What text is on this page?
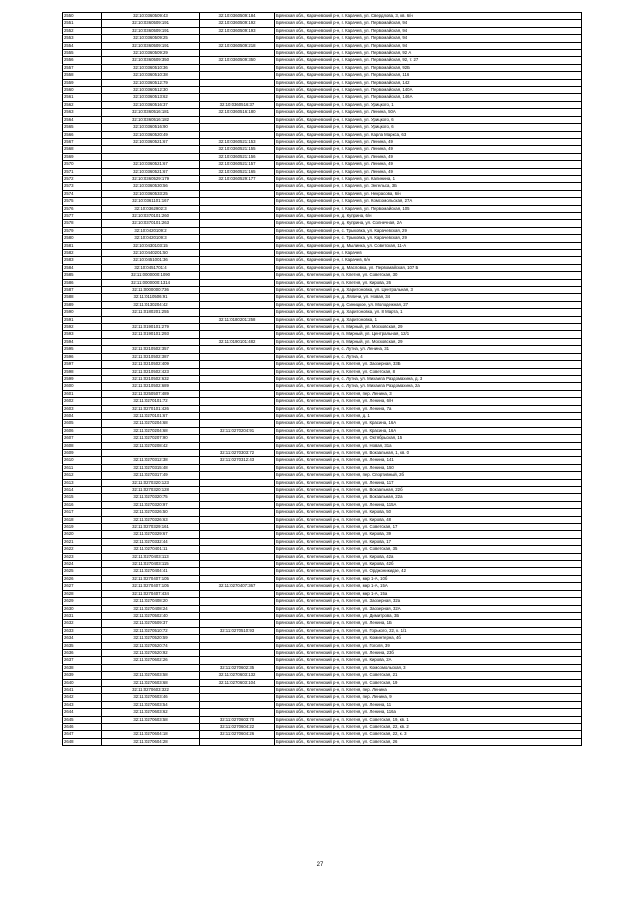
2550	32:10:0360509:43	32:10:0360509:184	Брянская обл., Карачевский р-н, г. Карачев, ул. Свердлова, 3, кв. 6/н
2551	32:10:0360509:191	32:10:0360509:192	Брянская обл., Карачевский р-н, г. Карачев, ул. Первомайская, 94
2552	32:10:0360509:191	32:10:0360509:193	Брянская обл., Карачевский р-н, г. Карачев, ул. Первомайская, 94
2553	32:10:0360509:25		Брянская обл., Карачевский р-н, г. Карачев, ул. Первомайская, 94
2554	32:10:0360509:191	32:10:0360509:218	Брянская обл., Карачевский р-н, г. Карачев, ул. Первомайская, 94
2555	32:10:0360509:29		Брянская обл., Карачевский р-н, г. Карачев, ул. Первомайская, 92 А
2556	32:10:0360509:350	32:10:0360509:350	Брянская обл., Карачевский р-н, г. Карачев, ул. Первомайская, 92, т. 27
2557	32:10:0360510:36		Брянская обл., Карачевский р-н, г. Карачев, ул. Первомайская, 92Б
2558	32:10:0360510:38		Брянская обл., Карачевский р-н, г. Карачев, ул. Первомайская, 116
2559	32:10:0360512:79		Брянская обл., Карачевский р-н, г. Карачев, ул. Первомайская, 142
2560	32:10:0360512:30		Брянская обл., Карачевский р-н, г. Карачев, ул. Первомайская, 140А
2561	32:10:0360513:62		Брянская обл., Карачевский р-н, г. Карачев, ул. Первомайская, 146А
2562	32:10:0360516:37	32:10:0360516:37	Брянская обл., Карачевский р-н, г. Карачев, ул. Урицкого, 1
2563	32:10:0360516:181	32:10:0360516:180	Брянская обл., Карачевский р-н, г. Карачев, ул. Ленина, 50А
2564	32:10:0360516:182		Брянская обл., Карачевский р-н, г. Карачев, ул. Урицкого, 6
2565	32:10:0360516:90		Брянская обл., Карачевский р-н, г. Карачев, ул. Урицкого, 6
2566	32:10:0360520:49		Брянская обл., Карачевский р-н, г. Карачев, ул. Карла Маркса, 63
2567	32:10:0360521:67	32:10:0360521:153	Брянская обл., Карачевский р-н, г. Карачев, ул. Ленина, 49
2568		32:10:0360521:155	Брянская обл., Карачевский р-н, г. Карачев, ул. Ленина, 49
2569		32:10:0360521:156	Брянская обл., Карачевский р-н, г. Карачев, ул. Ленина, 49
2570	32:10:0360521:67	32:10:0360521:157	Брянская обл., Карачевский р-н, г. Карачев, ул. Ленина, 49
2571	32:10:0360521:67	32:10:0360521:165	Брянская обл., Карачевский р-н, г. Карачев, ул. Ленина, 49
2572	32:10:0360529:179	32:10:0360529:177	Брянская обл., Карачевский р-н, г. Карачев, ул. Калинина, 1
2573	32:10:0360530:56		Брянская обл., Карачевский р-н, г. Карачев, ул. Энгельса, 3Б
2574	32:10:0360533:25		Брянская обл., Карачевский р-н, г. Карачев, ул. Некрасова, 6/н
2575	32:10:0361101:167		Брянская обл., Карачевский р-н, г. Карачев, ул. Комсомольская, 27А
2576	32:10:0362902:3		Брянская обл., Карачевский р-н, г. Карачев, ул. Первомайская, 105
2577	32:10:0370101:260		Брянская обл., Карачевский р-н, д. Куприна, 6/н
2578	32:10:0370101:263		Брянская обл., Карачевский р-н, д. Куприна, ул. Солнечная, 2А
2579	32:10:0420109:2		Брянская обл., Карачевский р-н, с. Трыковка, ул. Карачевская, 29
2580	32:10:0420109:3		Брянская обл., Карачевский р-н, с. Трыковка, ул. Карачевская, 29
2581	32:10:0430103:15		Брянская обл., Карачевский р-н, д. Мылинка, ул. Советская, 11-А
2582	32:10:0440201:50		Брянская обл., Карачевский р-н, г. Карачев
2583	32:10:0451001:36		Брянская обл., Карачевский р-н, г. Карачев, 6/н
2584	32:10:0451701:4		Брянская обл., Карачевский р-н, д. Масловка, ул. Первомайская, 107 Б
2585	32:11:0000000:1090		Брянская обл., Клетнянский р-н, п. Клетня, ул. Советская, 30
2586	32:11:0000000:1314		Брянская обл., Клетнянский р-н, п. Клетня, ул. Кирова, 26
2587	32:11:0000000:736		Брянская обл., Клетнянский р-н, д. Харитоновка, ул. Центральная, 3
2588	32:11:0110506:91		Брянская обл., Клетнянский р-н, д. Ляличи, ул. Новая, 34
2589	32:11:0130204:42		Брянская обл., Клетнянский р-н, д. Синицкое, ул. Молодежная, 27
2590	32:11:0180201:255		Брянская обл., Клетнянский р-н, д. Харитоновка, ул. 8 Марта, 1
2591		32:11:0180201:258	Брянская обл., Клетнянский р-н, д. Харитоновка, 1
2592	32:11:0190101:279		Брянская обл., Клетнянский р-н, п. Мирный, ул. Московская, 29
2593	32:11:0190101:293		Брянская обл., Клетнянский р-н, п. Мирный, ул. Центральная, 12/1
2594		32:11:0190101:482	Брянская обл., Клетнянский р-н, п. Мирный, ул. Московская, 29
2595	32:11:0210502:357		Брянская обл., Клетнянский р-н, с. Лутна, ул. Ленина, 31
2596	32:11:0210502:387		Брянская обл., Клетнянский р-н, с. Лутна, 4
2597	32:11:0210502:409		Брянская обл., Клетнянский р-н, п. Клетня, ул. Заозерная, 33Б
2598	32:11:0210502:423		Брянская обл., Клетнянский р-н, п. Клетня, ул. Советская, 8
2599	32:11:0210502:632		Брянская обл., Клетнянский р-н, с. Лутна, ул. Михаила Раздомахина, д. 3
2600	32:11:0210502:689		Брянская обл., Клетнянский р-н, с. Лутна, ул. Михаила Раздомахина, 2а
2601	32:11:0250507:489		Брянская обл., Клетнянский р-н, п. Клетня, пер. Ленина, 3
2602	32:11:0270101:72		Брянская обл., Клетнянский р-н, п. Клетня, ул. Ленина, 6/Н
2603	32:11:0270101:426		Брянская обл., Клетнянский р-н, п. Клетня, ул. Ленина, 7а
2604	32:11:0270101:67		Брянская обл., Клетнянский р-н, п. Клетня, д. 1
2605	32:11:0270204:68		Брянская обл., Клетнянский р-н, п. Клетня, ул. Красина, 16А
2606	32:11:0270204:68	32:11:0270204:91	Брянская обл., Клетнянский р-н, п. Клетня, ул. Красина, 16А
2607	32:11:0270207:90		Брянская обл., Клетнянский р-н, п. Клетня, ул. Октябрьская, 15
2608	32:11:0270208:42		Брянская обл., Клетнянский р-н, п. Клетня, ул. Новая, 31а
2609		32:11:0270303:72	Брянская обл., Клетнянский р-н, п. Клетня, ул. Вокзальная, 1, кв. 0
2610	32:11:0270312:38	32:11:0270312:43	Брянская обл., Клетнянский р-н, п. Клетня, ул. Ленина, 141
2611	32:11:0270315:48		Брянская обл., Клетнянский р-н, п. Клетня, ул. Ленина, 150
2612	32:11:0270317:49		Брянская обл., Клетнянский р-н, п. Клетня, пер. Спортивный, 2б
2613	32:11:0270320:123		Брянская обл., Клетнянский р-н, п. Клетня, ул. Ленина, 117
2614	32:11:0270320:128		Брянская обл., Клетнянский р-н, п. Клетня, ул. Вокзальная, 22б
2615	32:11:0270320:75		Брянская обл., Клетнянский р-н, п. Клетня, ул. Вокзальная, 22а
2616	32:11:0270320:97		Брянская обл., Клетнянский р-н, п. Клетня, ул. Ленина, 115А
2617	32:11:0270326:50		Брянская обл., Клетнянский р-н, п. Клетня, ул. Кирова, 50
2618	32:11:0270326:63		Брянская обл., Клетнянский р-н, п. Клетня, ул. Кирова, 48
2619	32:11:0270329:161		Брянская обл., Клетнянский р-н, п. Клетня, ул. Советская, 17
2620	32:11:0270329:67		Брянская обл., Клетнянский р-н, п. Клетня, ул. Кирова, 39
2621	32:11:0270332:44		Брянская обл., Клетнянский р-н, п. Клетня, ул. Кирова, 17
2622	32:11:0270401:11		Брянская обл., Клетнянский р-н, п. Клетня, ул. Советская, 35
2623	32:11:0270403:113		Брянская обл., Клетнянский р-н, п. Клетня, ул. Кирова, 42а
2624	32:11:0270403:115		Брянская обл., Клетнянский р-н, п. Клетня, ул. Кирова, 42б
2625	32:11:0270404:41		Брянская обл., Клетнянский р-н, п. Клетня, ул. Орджоникидзе, 42
2626	32:11:0270407:105		Брянская обл., Клетнянский р-н, п. Клетня, мкр 1-А, 10б
2627	32:11:0270407:105	32:11:0270407:367	Брянская обл., Клетнянский р-н, п. Клетня, мкр 1-А, 15А
2628	32:11:0270407:434		Брянская обл., Клетнянский р-н, п. Клетня, мкр 1-А, 15а
2629	32:11:0270408:20		Брянская обл., Клетнянский р-н, п. Клетня, ул. Заозерная, 32а
2630	32:11:0270408:24		Брянская обл., Клетнянский р-н, п. Клетня, ул. Заозерная, 32А
2631	32:11:0270502:40		Брянская обл., Клетнянский р-н, п. Клетня, ул. Димитрова, 3Б
2632	32:11:0270509:37		Брянская обл., Клетнянский р-н, п. Клетня, ул. Ленина, 1Б
2633	32:11:0270510:72	32:11:0270510:93	Брянская обл., Клетнянский р-н, п. Клетня, ул. Горького, 22, к. 1/1
2634	32:11:0270520:59		Брянская обл., Клетнянский р-н, п. Клетня, ул. Коминтерна, 4б
2635	32:11:0270520:74		Брянская обл., Клетнянский р-н, п. Клетня, ул. Гоголя, 39
2636	32:11:0270520:92		Брянская обл., Клетнянский р-н, п. Клетня, ул. Ленина, 23б
2637	32:11:0270602:26		Брянская обл., Клетнянский р-н, п. Клетня, ул. Кирова, 2А
2638		32:11:0270602:35	Брянская обл., Клетнянский р-н, п. Клетня, ул. Комсомольская, 3
2639	32:11:0270603:58	32:11:0270603:132	Брянская обл., Клетнянский р-н, п. Клетня, ул. Советская, 21
2640	32:11:0270603:68	32:11:0270603:104	Брянская обл., Клетнянский р-н, п. Клетня, ул. Советская, 19
2641	32:11:0270603:322		Брянская обл., Клетнянский р-н, п. Клетня, пер. Ленина
2642	32:11:0270603:46		Брянская обл., Клетнянский р-н, п. Клетня, пер. Ленина, 9
2643	32:11:0270603:54		Брянская обл., Клетнянский р-н, п. Клетня, ул. Ленина, 11
2644	32:11:0270603:62		Брянская обл., Клетнянский р-н, п. Клетня, ул. Ленина, 116а
2645	32:11:0270603:58	32:11:0270603:70	Брянская обл., Клетнянский р-н, п. Клетня, ул. Советская, 19, кв. 1
2646		32:11:0270604:22	Брянская обл., Клетнянский р-н, п. Клетня, ул. Советская, 22, кв. 2
2647	32:11:0270604:18	32:11:0270604:26	Брянская обл., Клетнянский р-н, п. Клетня, ул. Советская, 22, к. 3
2648	32:11:0270604:28		Брянская обл., Клетнянский р-н, п. Клетня, ул. Советская, 26
27
